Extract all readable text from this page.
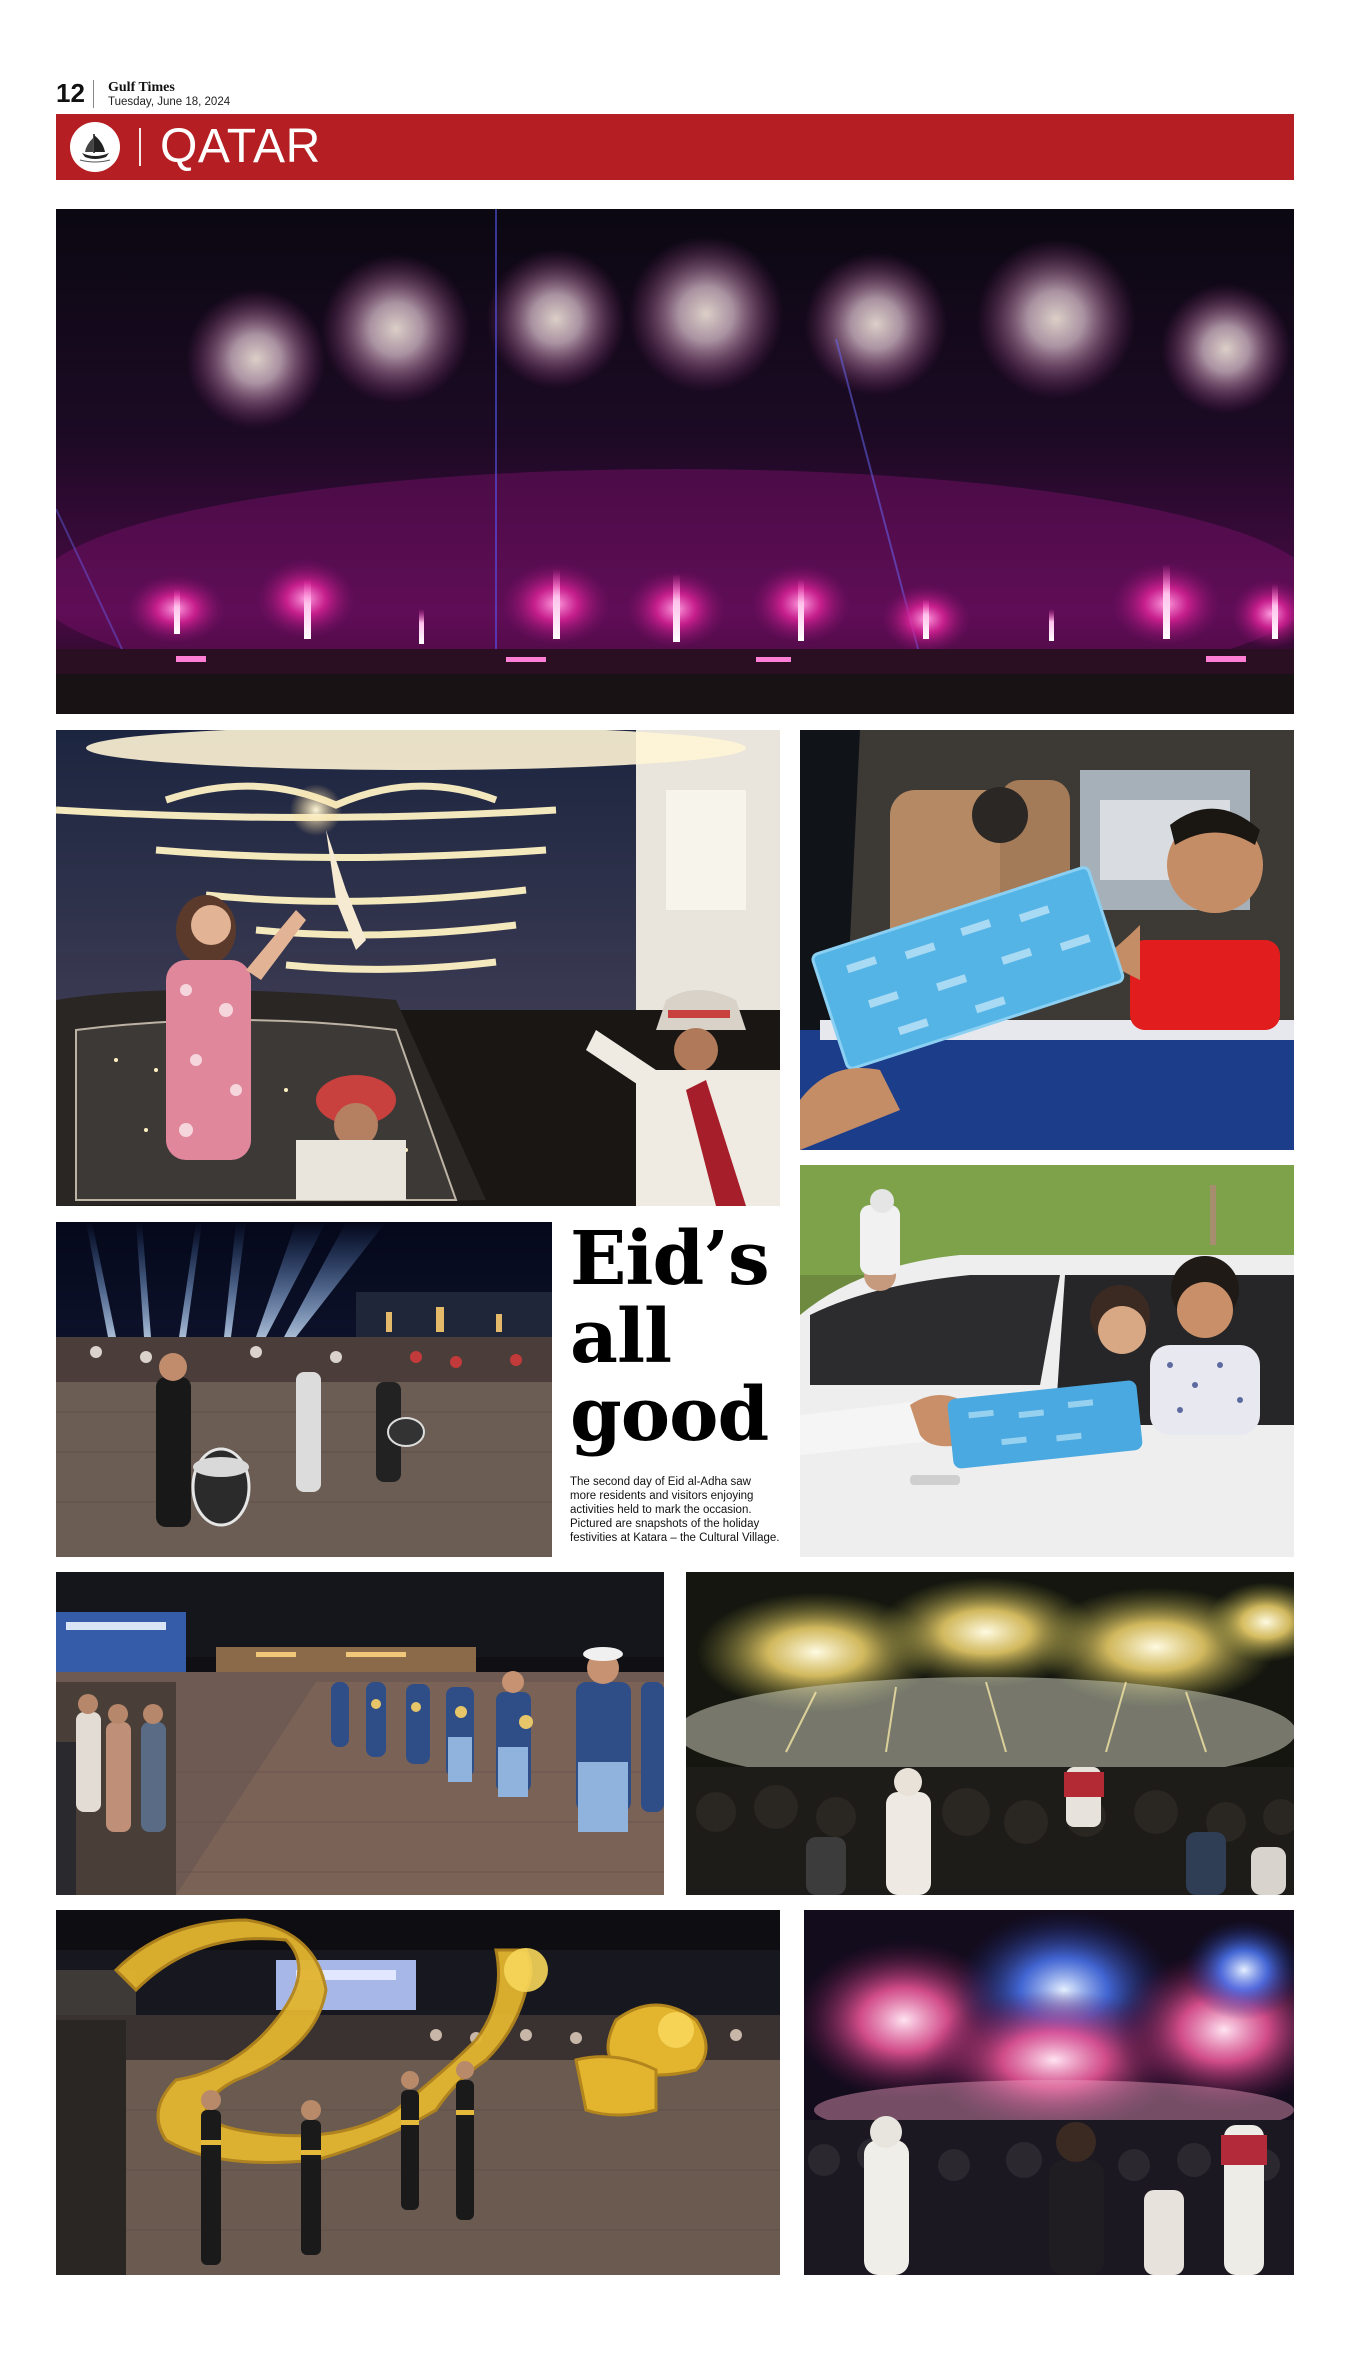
12 Gulf Times
Tuesday, June 18, 2024
QATAR
Eid’s
all
good
The second day of Eid al-Adha saw more residents and visitors enjoying activities held to mark the occasion. Pictured are snapshots of the holiday festivities at Katara – the Cultural Village.
